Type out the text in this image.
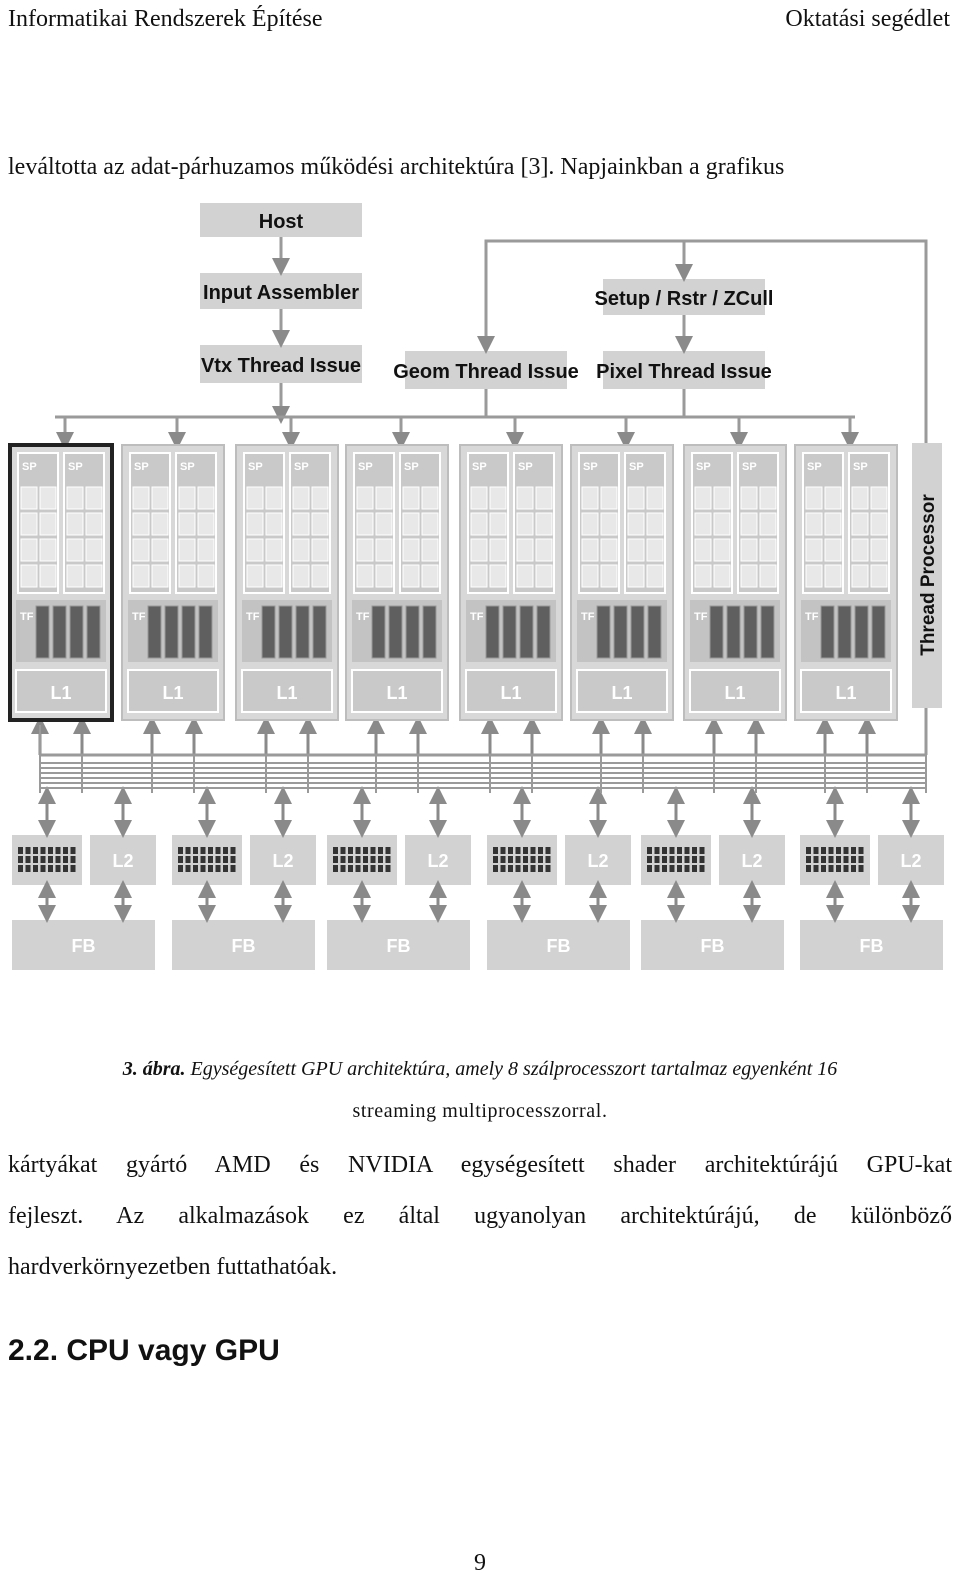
Informatikai Rendszerek Építése	Oktatási segédlet
leváltotta az adat-párhuzamos működési architektúra [3]. Napjainkban a grafikus
Host
Input Assembler
Vtx Thread Issue Geom Thread Issue
Setup / Rstr / ZCull
Pixel Thread Issue
SP	SP
TF
L1
SP	SP
TF
L1
SP	SP
TF
L1
SP	SP
TF
L1
SP	SP
TF
L1
SP	SP
TF
L1
SP	SP
TF
L1
SP	SP
TF
L1
Thread Processor
L2
FB
L2
FB
L2
FB
L2
FB
L2
FB
L2
FB
3. ábra. Egységesített GPU architektúra, amely 8 szálprocesszort tartalmaz egyenként 16
streaming multiprocesszorral.
kártyákat gyártó AMD és NVIDIA egységesített shader architektúrájú GPU-kat
fejleszt. Az alkalmazások ez által ugyanolyan architektúrájú, de különböző
hardverkörnyezetben futtathatóak.
2.2. CPU vagy GPU
9
